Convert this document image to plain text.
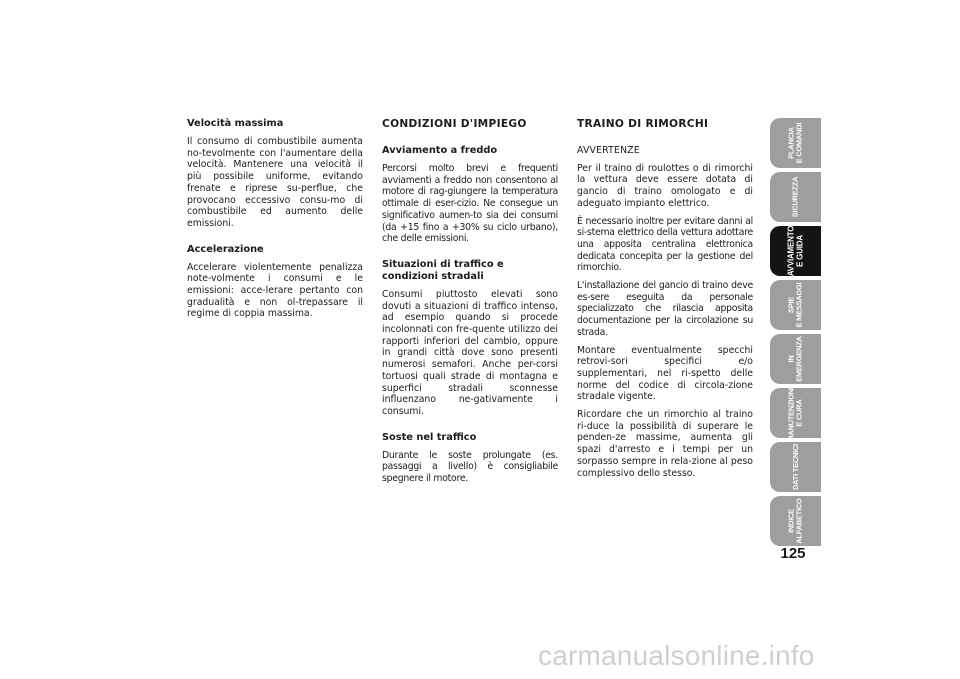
Velocità massima

Il consumo di combustibile aumenta no-tevolmente con l'aumentare della velocità. Mantenere una velocità il più possibile uniforme, evitando frenate e riprese su-perflue, che provocano eccessivo consu-mo di combustibile ed aumento delle emissioni.

Accelerazione

Accelerare violentemente penalizza note-volmente i consumi e le emissioni: acce-lerare pertanto con gradualità e non ol-trepassare il regime di coppia massima.

CONDIZIONI D'IMPIEGO
Avviamento a freddo

Percorsi molto brevi e frequenti avviamenti a freddo non consentono al motore di rag-giungere la temperatura ottimale di eser-cizio. Ne consegue un significativo aumen-to sia dei consumi (da +15 fino a +30% su ciclo urbano), che delle emissioni.

Situazioni di traffico e
condizioni stradali

Consumi piuttosto elevati sono dovuti a situazioni di traffico intenso, ad esempio quando si procede incolonnati con fre-quente utilizzo dei rapporti inferiori del cambio, oppure in grandi città dove sono presenti numerosi semafori. Anche per-corsi tortuosi quali strade di montagna e superfici stradali sconnesse influenzano ne-gativamente i consumi.

Soste nel traffico

Durante le soste prolungate (es. passaggi a livello) è consigliabile spegnere il motore.

TRAINO DI RIMORCHI

AVVERTENZE

Per il traino di roulottes o di rimorchi la vettura deve essere dotata di gancio di traino omologato e di adeguato impianto elettrico.

È necessario inoltre per evitare danni al si-stema elettrico della vettura adottare una apposita centralina elettronica dedicata concepita per la gestione del rimorchio.

L'installazione del gancio di traino deve es-sere eseguita da personale specializzato che rilascia apposita documentazione per la circolazione su strada.

Montare eventualmente specchi retrovi-sori specifici e/o supplementari, nel ri-spetto delle norme del codice di circola-zione stradale vigente.

Ricordare che un rimorchio al traino ri-duce la possibilità di superare le penden-ze massime, aumenta gli spazi d'arresto e i tempi per un sorpasso sempre in rela-zione al peso complessivo dello stesso.

PLANCIA E COMANDI
SICUREZZA
AVVIAMENTO E GUIDA
SPIE E MESSAGGI
IN EMERGENZA
MANUTENZIONE E CURA
DATI TECNICI
INDICE ALFABETICO
125
carmanualsonline.info
